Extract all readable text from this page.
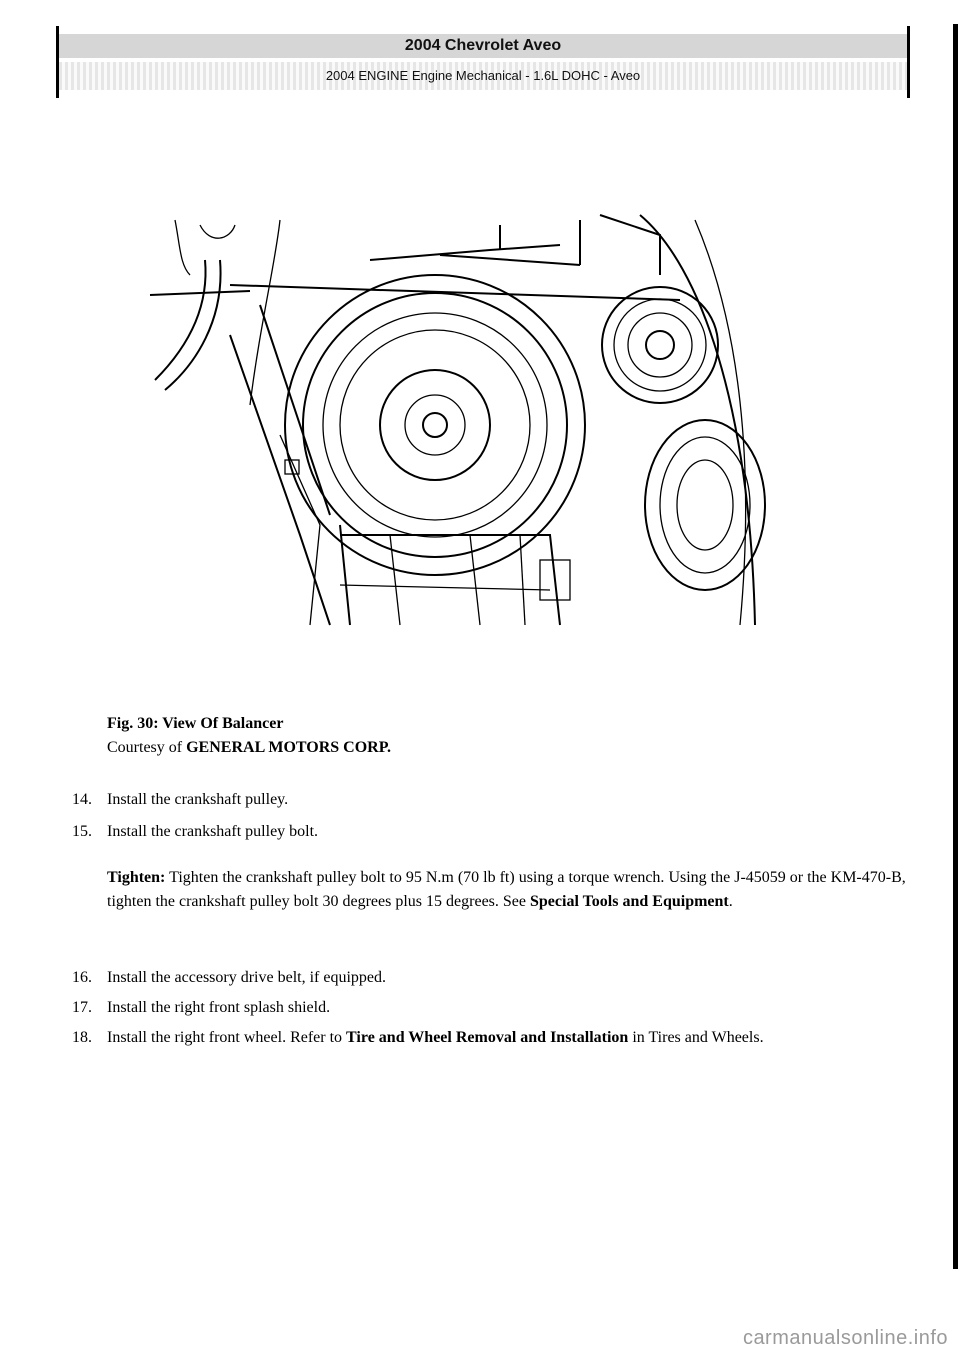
2004 Chevrolet Aveo
2004 ENGINE Engine Mechanical - 1.6L DOHC - Aveo
Fig. 30: View Of Balancer
Courtesy of GENERAL MOTORS CORP.
14. Install the crankshaft pulley.
15. Install the crankshaft pulley bolt.
Tighten: Tighten the crankshaft pulley bolt to 95 N.m (70 lb ft) using a torque wrench. Using the J-45059 or the KM-470-B, tighten the crankshaft pulley bolt 30 degrees plus 15 degrees. See Special Tools and Equipment.
16. Install the accessory drive belt, if equipped.
17. Install the right front splash shield.
18. Install the right front wheel. Refer to Tire and Wheel Removal and Installation in Tires and Wheels.
carmanualsonline.info
